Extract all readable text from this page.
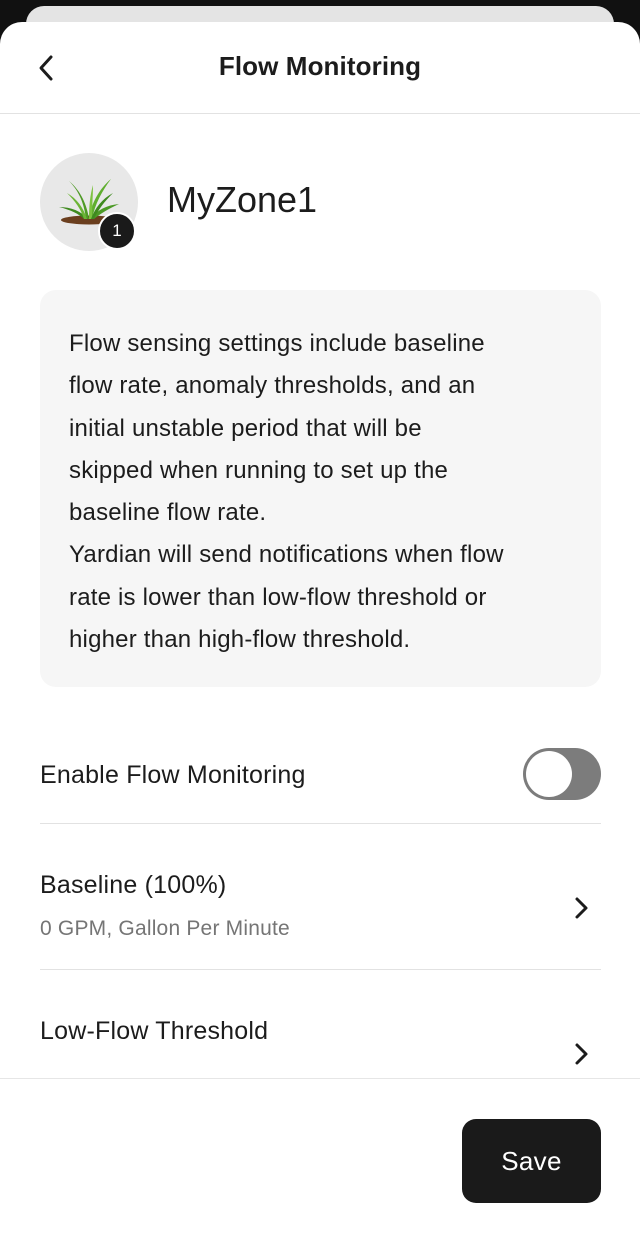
Flow Monitoring
1
MyZone1
Flow sensing settings include baseline
flow rate, anomaly thresholds, and an
initial unstable period that will be
skipped when running to set up the
baseline flow rate.
Yardian will send notifications when flow
rate is lower than low-flow threshold or
higher than high-flow threshold.
Enable Flow Monitoring
Baseline (100%)
0 GPM, Gallon Per Minute
Low-Flow Threshold
Save
